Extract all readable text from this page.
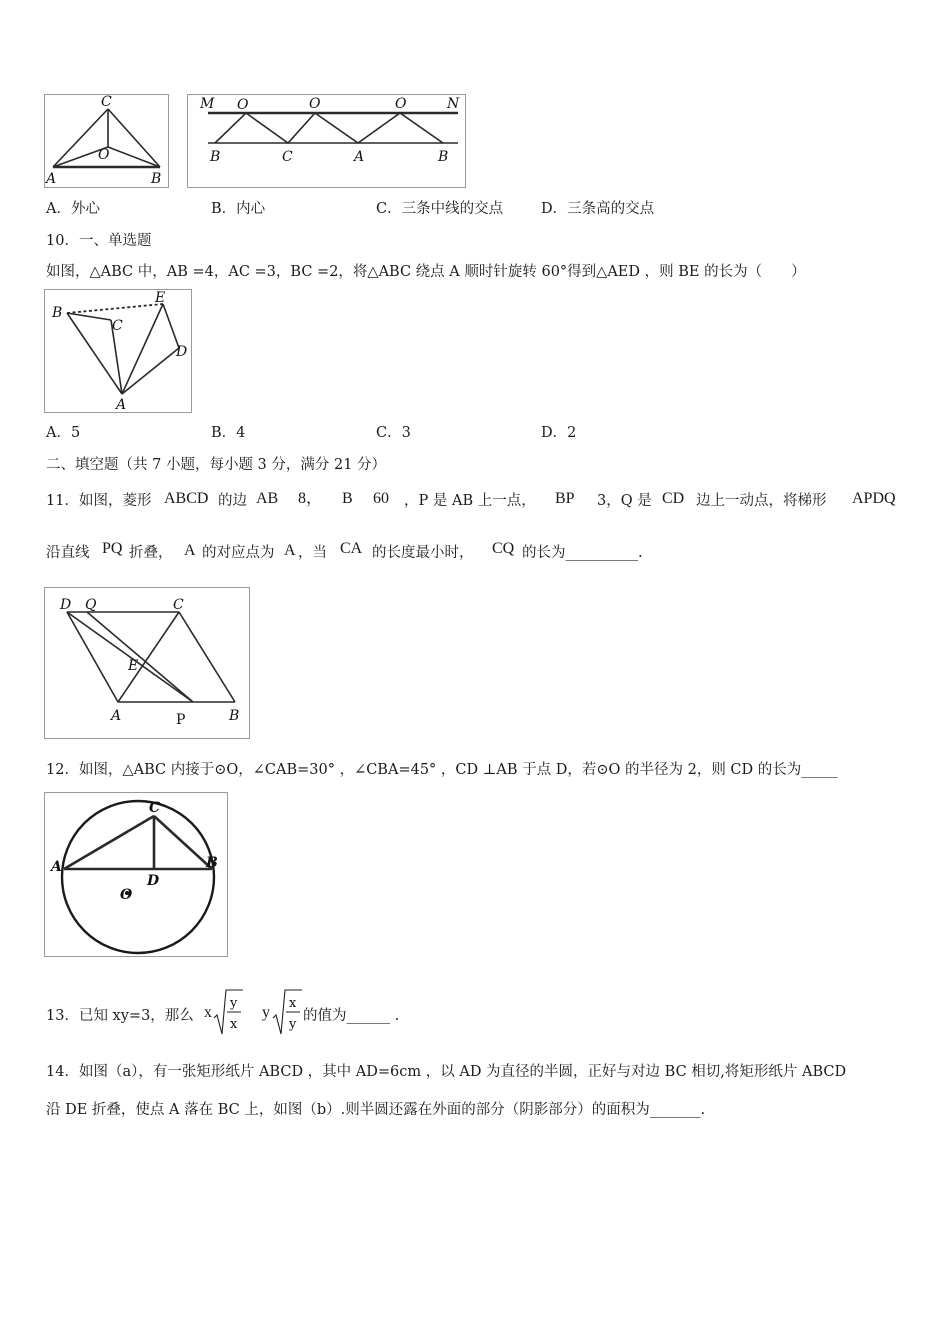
C
O
A	B
M O	O	O	N
B	C	A	B
A．外心	B．内心	C．三条中线的交点	D．三条高的交点
10．一、单选题
如图，△ABC 中，AB =4，AC =3，BC =2，将△ABC 绕点 A 顺时针旋转 60°得到△AED ，则 BE 的长为（　　）
B
C
E
D
A
A．5	B．4	C．3	D．2
二、填空题（共 7 小题，每小题 3 分，满分 21 分）
11．如图，菱形 ABCD 的边 AB 8， B 60 ，P 是 AB 上一点， BP 3，Q 是 CD 边上一动点，将梯形 APDQ
沿直线 PQ 折叠， A 的对应点为 A ，当 CA 的长度最小时， CQ 的长为__________.
D Q	C
E
A	P	B
12．如图，△ABC 内接于⊙O，∠CAB=30° ，∠CBA=45° ，CD ⊥AB 于点 D，若⊙O 的半径为 2，则 CD 的长为_____
C
A	B
D
O
13．已知 xy=3，那么 x
y
x
y
x
y
的值为______ .
14．如图（a），有一张矩形纸片 ABCD ，其中 AD=6cm ，以 AD 为直径的半圆，正好与对边 BC 相切,将矩形纸片 ABCD
沿 DE 折叠，使点 A 落在 BC 上，如图（b）.则半圆还露在外面的部分（阴影部分）的面积为_______.
